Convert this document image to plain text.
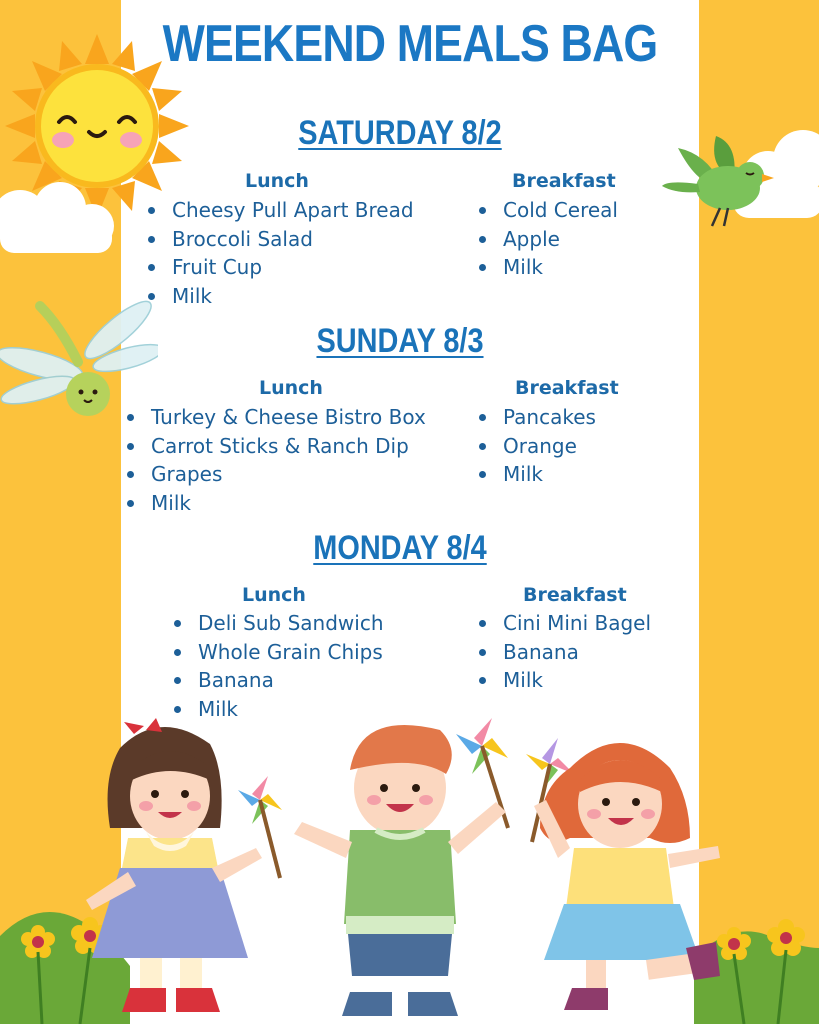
WEEKEND MEALS BAG
SATURDAY 8/2
Lunch
Cheesy Pull Apart Bread
Broccoli Salad
Fruit Cup
Milk
Breakfast
Cold Cereal
Apple
Milk
SUNDAY 8/3
Lunch
Turkey & Cheese Bistro Box
Carrot Sticks & Ranch Dip
Grapes
Milk
Breakfast
Pancakes
Orange
Milk
MONDAY 8/4
Lunch
Deli Sub Sandwich
Whole Grain Chips
Banana
Milk
Breakfast
Cini Mini Bagel
Banana
Milk
